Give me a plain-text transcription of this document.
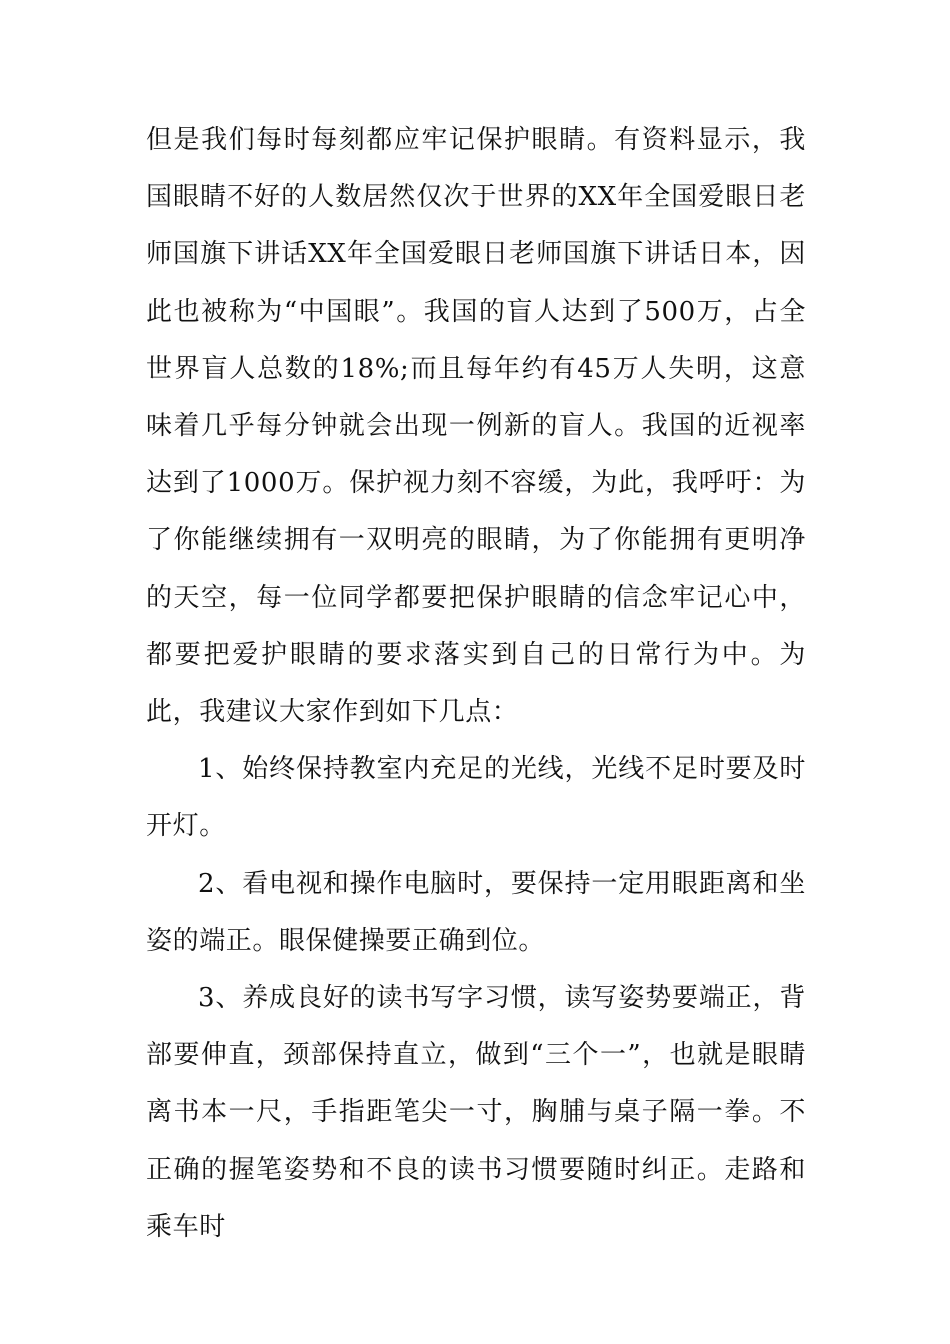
但是我们每时每刻都应牢记保护眼睛。有资料显示，我国眼睛不好的人数居然仅次于世界的XX年全国爱眼日老师国旗下讲话XX年全国爱眼日老师国旗下讲话日本，因此也被称为“中国眼”。我国的盲人达到了500万，占全世界盲人总数的18%;而且每年约有45万人失明，这意味着几乎每分钟就会出现一例新的盲人。我国的近视率达到了1000万。保护视力刻不容缓，为此，我呼吁：为了你能继续拥有一双明亮的眼睛，为了你能拥有更明净的天空，每一位同学都要把保护眼睛的信念牢记心中，都要把爱护眼睛的要求落实到自己的日常行为中。为此，我建议大家作到如下几点：

1、始终保持教室内充足的光线，光线不足时要及时开灯。

2、看电视和操作电脑时，要保持一定用眼距离和坐姿的端正。眼保健操要正确到位。

3、养成良好的读书写字习惯，读写姿势要端正，背部要伸直，颈部保持直立，做到“三个一”，也就是眼睛离书本一尺，手指距笔尖一寸，胸脯与桌子隔一拳。不正确的握笔姿势和不良的读书习惯要随时纠正。走路和乘车时
